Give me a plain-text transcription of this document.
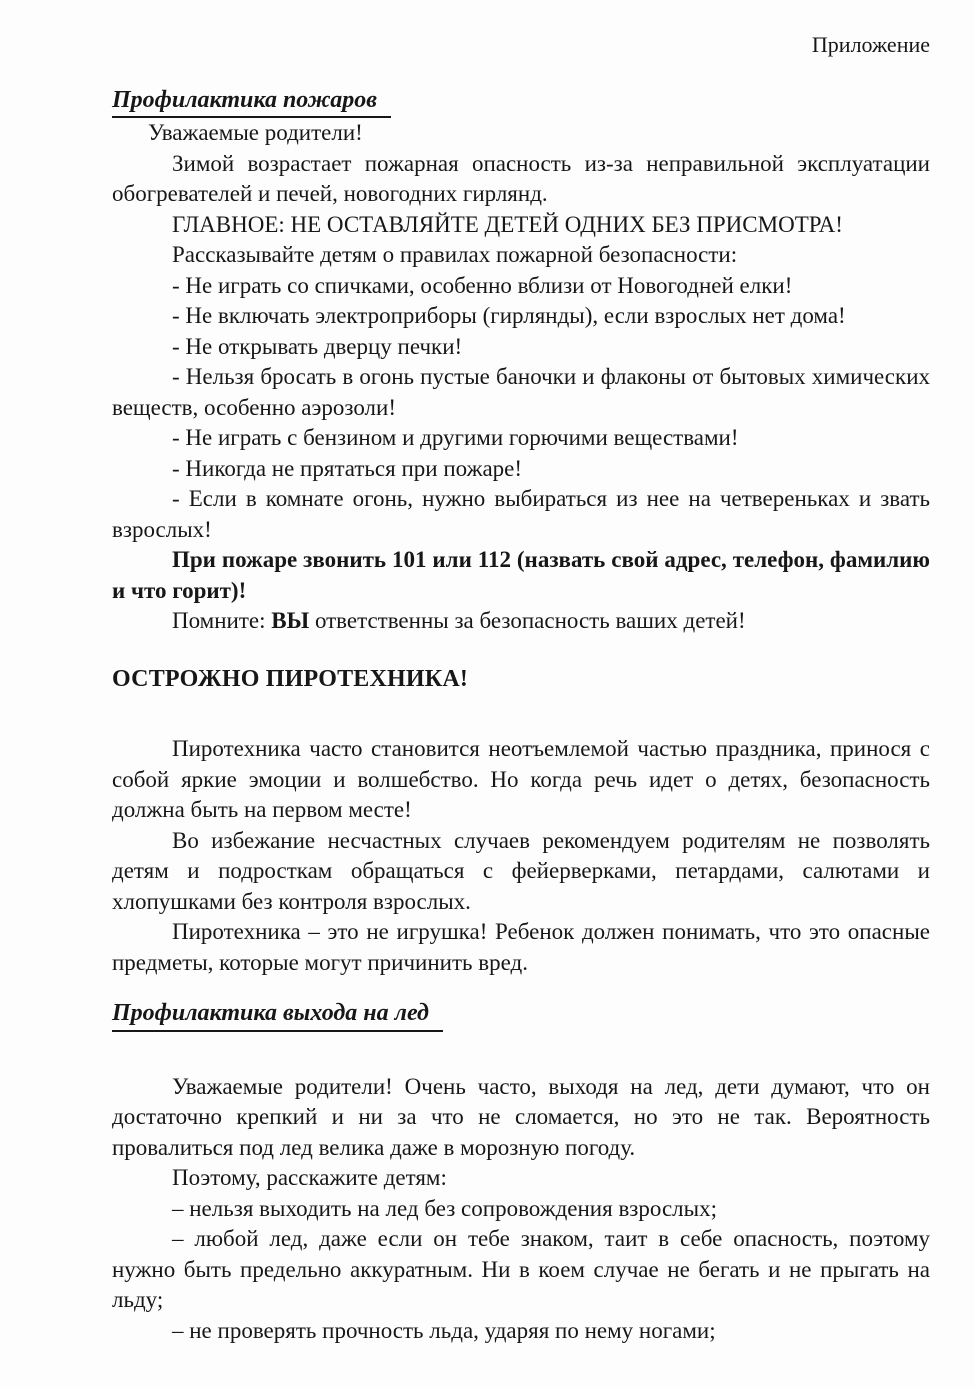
Приложение
Профилактика пожаров

Уважаемые родители!

Зимой возрастает пожарная опасность из-за неправильной эксплуатации обогревателей и печей, новогодних гирлянд.

ГЛАВНОЕ: НЕ ОСТАВЛЯЙТЕ ДЕТЕЙ ОДНИХ БЕЗ ПРИСМОТРА!

Рассказывайте детям о правилах пожарной безопасности:

- Не играть со спичками, особенно вблизи от Новогодней елки!

- Не включать электроприборы (гирлянды), если взрослых нет дома!

- Не открывать дверцу печки!

- Нельзя бросать в огонь пустые баночки и флаконы от бытовых химических веществ, особенно аэрозоли!

- Не играть с бензином и другими горючими веществами!

- Никогда не прятаться при пожаре!

- Если в комнате огонь, нужно выбираться из нее на четвереньках и звать взрослых!

При пожаре звонить 101 или 112 (назвать свой адрес, телефон, фамилию и что горит)!

Помните: ВЫ ответственны за безопасность ваших детей!

ОСТРОЖНО ПИРОТЕХНИКА!

Пиротехника часто становится неотъемлемой частью праздника, принося с собой яркие эмоции и волшебство. Но когда речь идет о детях, безопасность должна быть на первом месте!

Во избежание несчастных случаев рекомендуем родителям не позволять детям и подросткам обращаться с фейерверками, петардами, салютами и хлопушками без контроля взрослых.

Пиротехника – это не игрушка! Ребенок должен понимать, что это опасные предметы, которые могут причинить вред.

Профилактика выхода на лед

Уважаемые родители! Очень часто, выходя на лед, дети думают, что он достаточно крепкий и ни за что не сломается, но это не так. Вероятность провалиться под лед велика даже в морозную погоду.

Поэтому, расскажите детям:

– нельзя выходить на лед без сопровождения взрослых;

– любой лед, даже если он тебе знаком, таит в себе опасность, поэтому нужно быть предельно аккуратным. Ни в коем случае не бегать и не прыгать на льду;

– не проверять прочность льда, ударяя по нему ногами;
